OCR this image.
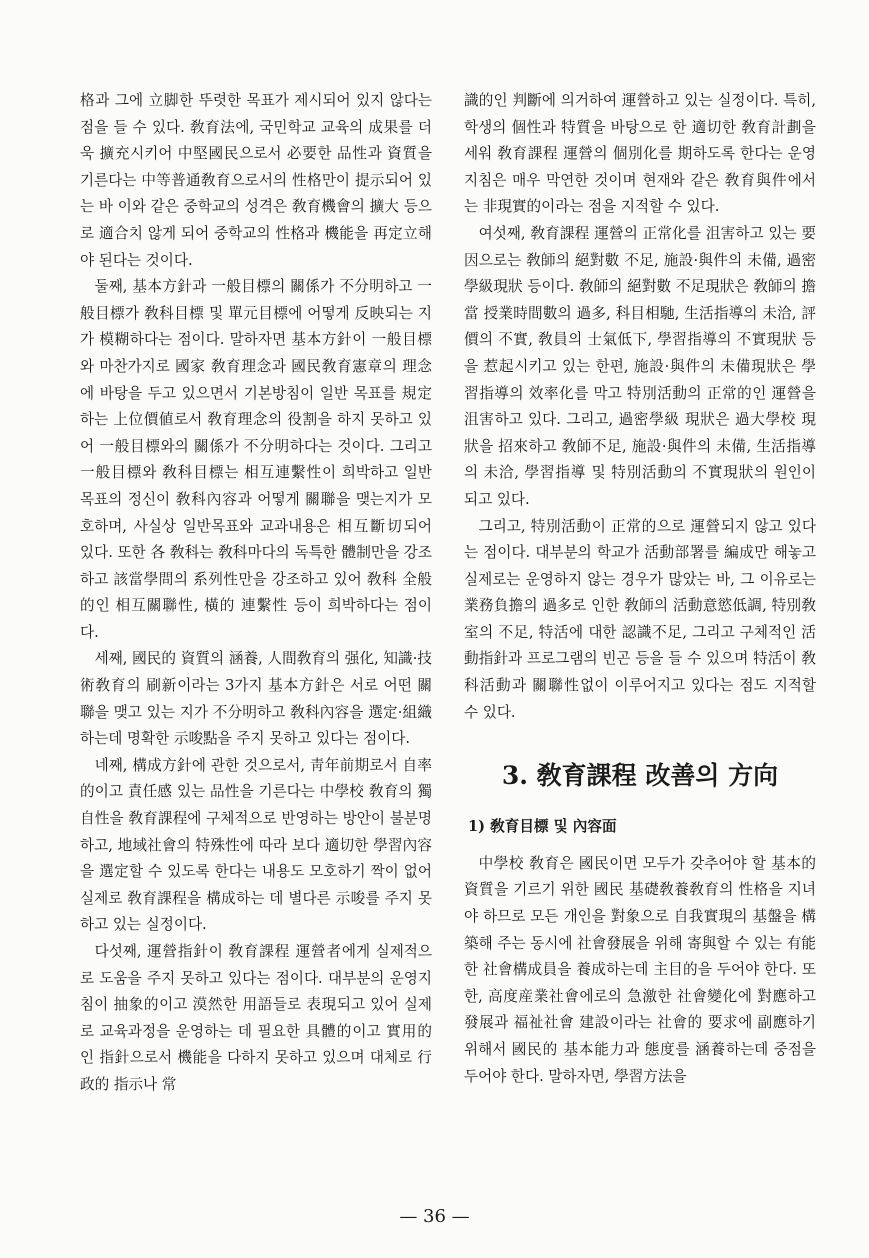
格과 그에 立脚한 뚜렷한 목표가 제시되어 있지 않다는 점을 들 수 있다. 敎育法에, 국민학교 교육의 成果를 더욱 擴充시키어 中堅國民으로서 必要한 品性과 資質을 기른다는 中等普通敎育으로서의 性格만이 提示되어 있는 바 이와 같은 중학교의 성격은 敎育機會의 擴大 등으로 適合치 않게 되어 중학교의 性格과 機能을 再定立해야 된다는 것이다.

둘째, 基本方針과 一般目標의 關係가 不分明하고 一般目標가 敎科目標 및 單元目標에 어떻게 反映되는 지가 模糊하다는 점이다. 말하자면 基本方針이 一般目標와 마찬가지로 國家 敎育理念과 國民敎育憲章의 理念에 바탕을 두고 있으면서 기본방침이 일반 목표를 規定하는 上位價値로서 敎育理念의 役割을 하지 못하고 있어 一般目標와의 關係가 不分明하다는 것이다. 그리고 一般目標와 敎科目標는 相互連繫性이 희박하고 일반 목표의 정신이 敎科內容과 어떻게 關聯을 맺는지가 모호하며, 사실상 일반목표와 교과내용은 相互斷切되어 있다. 또한 各 敎科는 敎科마다의 독특한 體制만을 강조하고 該當學問의 系列性만을 강조하고 있어 敎科 全般的인 相互關聯性, 橫的 連繫性 등이 희박하다는 점이다.

세째, 國民的 資質의 涵養, 人間敎育의 强化, 知識·技術敎育의 刷新이라는 3가지 基本方針은 서로 어떤 關聯을 맺고 있는 지가 不分明하고 敎科內容을 選定·組織하는데 명확한 示唆點을 주지 못하고 있다는 점이다.

네째, 構成方針에 관한 것으로서, 靑年前期로서 自率的이고 責任感 있는 品性을 기른다는 中學校 敎育의 獨自性을 敎育課程에 구체적으로 반영하는 방안이 불분명하고, 地域社會의 特殊性에 따라 보다 適切한 學習內容을 選定할 수 있도록 한다는 내용도 모호하기 짝이 없어 실제로 敎育課程을 構成하는 데 별다른 示唆를 주지 못하고 있는 실정이다.

다섯째, 運營指針이 敎育課程 運營者에게 실제적으로 도움을 주지 못하고 있다는 점이다. 대부분의 운영지침이 抽象的이고 漠然한 用語들로 表現되고 있어 실제로 교육과정을 운영하는 데 필요한 具體的이고 實用的인 指針으로서 機能을 다하지 못하고 있으며 대체로 行政的 指示나 常

識的인 判斷에 의거하여 運營하고 있는 실정이다. 특히, 학생의 個性과 特質을 바탕으로 한 適切한 敎育計劃을 세워 敎育課程 運營의 個別化를 期하도록 한다는 운영지침은 매우 막연한 것이며 현재와 같은 敎育與件에서는 非現實的이라는 점을 지적할 수 있다.

여섯째, 敎育課程 運營의 正常化를 沮害하고 있는 要因으로는 敎師의 絕對數 不足, 施設·與件의 未備, 過密學級現狀 등이다. 敎師의 絕對數 不足現狀은 敎師의 擔當 授業時間數의 過多, 科目相馳, 生活指導의 未洽, 評價의 不實, 敎員의 士氣低下, 學習指導의 不實現狀 등을 惹起시키고 있는 한편, 施設·與件의 未備現狀은 學習指導의 效率化를 막고 特別活動의 正常的인 運營을 沮害하고 있다. 그리고, 過密學級 現狀은 過大學校 現狀을 招來하고 敎師不足, 施設·與件의 未備, 生活指導의 未洽, 學習指導 및 特別活動의 不實現狀의 원인이 되고 있다.

그리고, 特別活動이 正常的으로 運營되지 않고 있다는 점이다. 대부분의 학교가 活動部署를 編成만 해놓고 실제로는 운영하지 않는 경우가 많았는 바, 그 이유로는 業務負擔의 過多로 인한 敎師의 活動意慾低調, 特別敎室의 不足, 特活에 대한 認識不足, 그리고 구체적인 活動指針과 프로그램의 빈곤 등을 들 수 있으며 特活이 敎科活動과 關聯性없이 이루어지고 있다는 점도 지적할 수 있다.

3. 敎育課程 改善의 方向
1) 敎育目標 및 內容面

中學校 敎育은 國民이면 모두가 갖추어야 할 基本的 資質을 기르기 위한 國民 基礎敎養敎育의 性格을 지녀야 하므로 모든 개인을 對象으로 自我實現의 基盤을 構築해 주는 동시에 社會發展을 위해 寄與할 수 있는 有能한 社會構成員을 養成하는데 主目的을 두어야 한다. 또한, 高度産業社會에로의 急激한 社會變化에 對應하고 發展과 福祉社會 建設이라는 社會的 要求에 副應하기 위해서 國民的 基本能力과 態度를 涵養하는데 중점을 두어야 한다. 말하자면, 學習方法을

— 36 —
